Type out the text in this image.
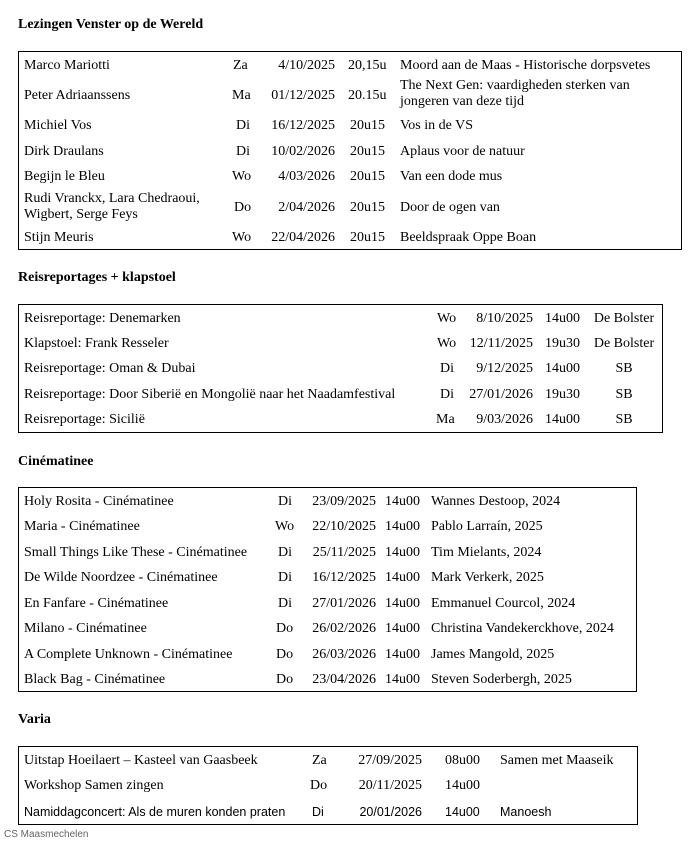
Lezingen Venster op de Wereld
Marco Mariotti	Za	4/10/2025 20,15u Moord aan de Maas - Historische dorpsvetes
Peter Adriaanssens	Ma	01/12/2025 20.15u
The Next Gen: vaardigheden sterken van jongeren van deze tijd
Michiel Vos	Di	16/12/2025 20u15 Vos in de VS
Dirk Draulans	Di	10/02/2026 20u15 Aplaus voor de natuur
Begijn le Bleu	Wo	4/03/2026 20u15 Van een dode mus
Rudi Vranckx, Lara Chedraoui, Wigbert, Serge Feys	Do	2/04/2026 20u15 Door de ogen van
Stijn Meuris	Wo	22/04/2026 20u15 Beeldspraak Oppe Boan
Reisreportages + klapstoel
Reisreportage: Denemarken	Wo	8/10/2025 14u00 De Bolster
Klapstoel: Frank Resseler	Wo 12/11/2025 19u30 De Bolster
Reisreportage: Oman & Dubai	Di	9/12/2025 14u00	SB
Reisreportage: Door Siberië en Mongolië naar het Naadamfestival	Di	27/01/2026 19u30	SB
Reisreportage: Sicilië	Ma	9/03/2026 14u00	SB
Cinématinee
Holy Rosita - Cinématinee	Di	23/09/2025 14u00 Wannes Destoop, 2024
Maria - Cinématinee	Wo	22/10/2025 14u00 Pablo Larraín, 2025
Small Things Like These - Cinématinee Di	25/11/2025 14u00 Tim Mielants, 2024
De Wilde Noordzee - Cinématinee	Di	16/12/2025 14u00 Mark Verkerk, 2025
En Fanfare - Cinématinee	Di	27/01/2026 14u00 Emmanuel Courcol, 2024
Milano - Cinématinee	Do	26/02/2026 14u00 Christina Vandekerckhove, 2024
A Complete Unknown - Cinématinee	Do	26/03/2026 14u00 James Mangold, 2025
Black Bag - Cinématinee	Do	23/04/2026 14u00 Steven Soderbergh, 2025
Varia
Uitstap Hoeilaert – Kasteel van Gaasbeek	Za	27/09/2025 08u00 Samen met Maaseik
Workshop Samen zingen	Do	20/11/2025 14u00
Namiddagconcert: Als de muren konden praten Di	20/01/2026 14u00 Manoesh
CS Maasmechelen
